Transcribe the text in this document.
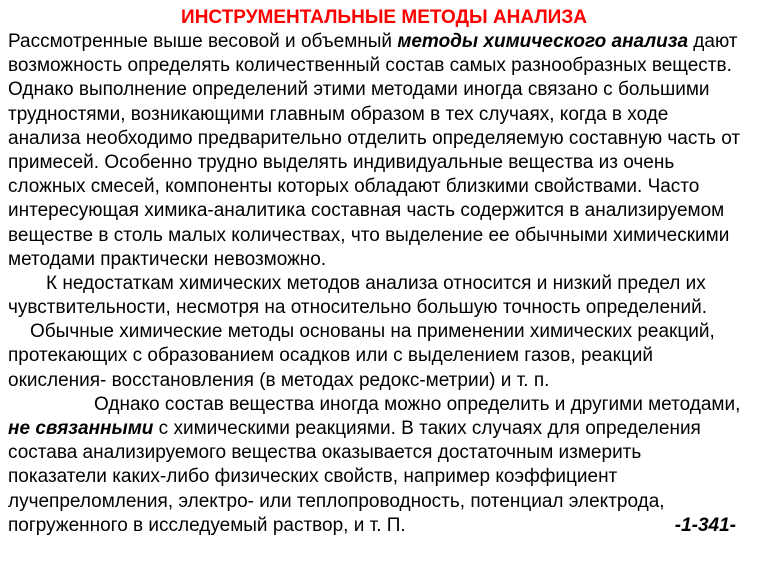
ИНСТРУМЕНТАЛЬНЫЕ МЕТОДЫ АНАЛИЗА
Рассмотренные выше весовой и объемный методы химического анализа дают
возможность определять количественный состав самых разнообразных веществ.
Однако выполнение определений этими методами иногда связано с большими
трудностями, возникающими главным образом в тех случаях, когда в ходе
анализа необходимо предварительно отделить определяемую составную часть от
примесей. Особенно трудно выделять индивидуальные вещества из очень
сложных смесей, компоненты которых обладают близкими свойствами. Часто
интересующая химика-аналитика составная часть содержится в анализируемом
веществе в столь малых количествах, что выделение ее обычными химическими
методами практически невозможно.
К недостаткам химических методов анализа относится и низкий предел их
чувствительности, несмотря на относительно большую точность определений.
Обычные химические методы основаны на применении химических реакций,
протекающих с образованием осадков или с выделением газов, реакций
окисления- восстановления (в методах редокс-метрии) и т. п.
Однако состав вещества иногда можно определить и другими методами,
не связанными с химическими реакциями. В таких случаях для определения
состава анализируемого вещества оказывается достаточным измерить
показатели каких-либо физических свойств, например коэффициент
лучепреломления, электро- или теплопроводность, потенциал электрода,
погруженного в исследуемый раствор, и т. П.	-1-341-
